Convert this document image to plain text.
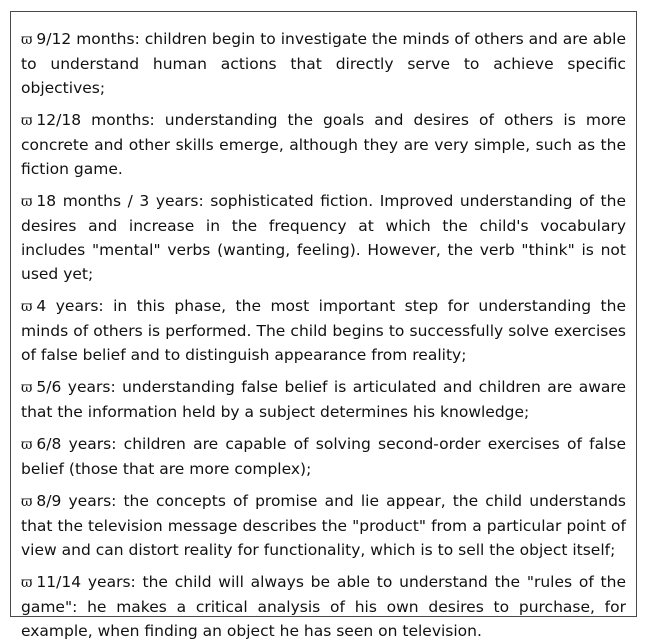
ϖ 9/12 months: children begin to investigate the minds of others and are able to understand human actions that directly serve to achieve specific objectives;

ϖ 12/18 months: understanding the goals and desires of others is more concrete and other skills emerge, although they are very simple, such as the fiction game.

ϖ 18 months / 3 years: sophisticated fiction. Improved understanding of the desires and increase in the frequency at which the child's vocabulary includes "mental" verbs (wanting, feeling). However, the verb "think" is not used yet;

ϖ 4 years: in this phase, the most important step for understanding the minds of others is performed. The child begins to successfully solve exercises of false belief and to distinguish appearance from reality;

ϖ 5/6 years: understanding false belief is articulated and children are aware that the information held by a subject determines his knowledge;

ϖ 6/8 years: children are capable of solving second-order exercises of false belief (those that are more complex);

ϖ 8/9 years: the concepts of promise and lie appear, the child understands that the television message describes the "product" from a particular point of view and can distort reality for functionality, which is to sell the object itself;

ϖ 11/14 years: the child will always be able to understand the "rules of the game": he makes a critical analysis of his own desires to purchase, for example, when finding an object he has seen on television.
